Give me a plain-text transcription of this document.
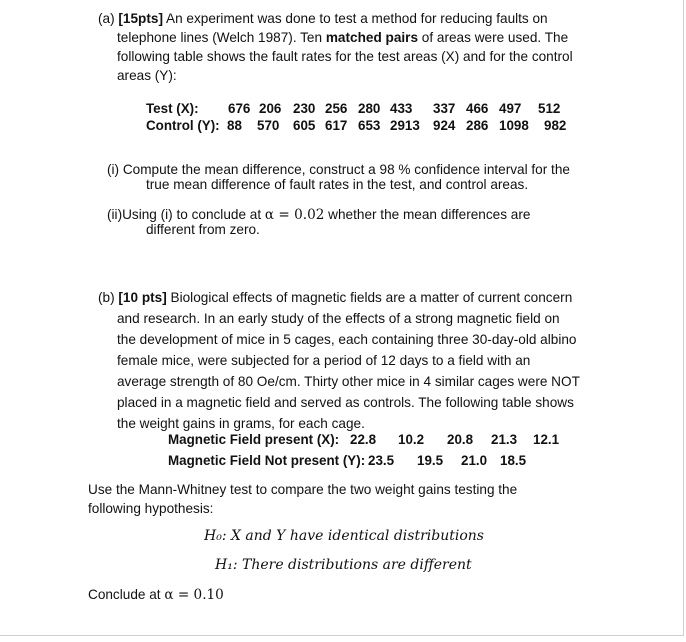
(a) [15pts] An experiment was done to test a method for reducing faults on
telephone lines (Welch 1987). Ten matched pairs of areas were used. The
following table shows the fault rates for the test areas (X) and for the control
areas (Y):
Test (X): 676 206 230 256 280 433 337 466 497 512
Control (Y): 88 570 605 617 653 2913 924 286 1098 982
(i) Compute the mean difference, construct a 98 % confidence interval for the
true mean difference of fault rates in the test, and control areas.
(ii)Using (i) to conclude at α = 0.02 whether the mean differences are
different from zero.
(b) [10 pts] Biological effects of magnetic fields are a matter of current concern
and research. In an early study of the effects of a strong magnetic field on
the development of mice in 5 cages, each containing three 30-day-old albino
female mice, were subjected for a period of 12 days to a field with an
average strength of 80 Oe/cm. Thirty other mice in 4 similar cages were NOT
placed in a magnetic field and served as controls. The following table shows
the weight gains in grams, for each cage.
Magnetic Field present (X): 22.8 10.2 20.8 21.3 12.1
Magnetic Field Not present (Y): 23.5 19.5 21.0 18.5
Use the Mann-Whitney test to compare the two weight gains testing the
following hypothesis:
H₀: X and Y have identical distributions
H₁: There distributions are different
Conclude at α = 0.10
